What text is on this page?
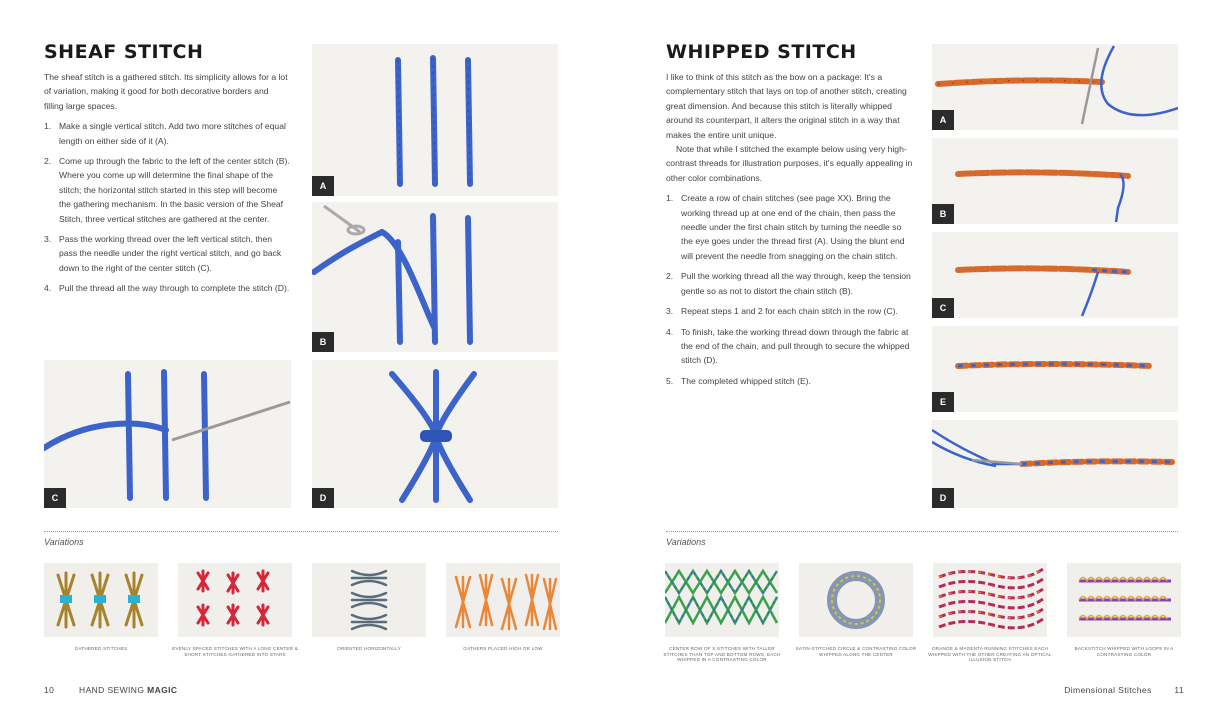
SHEAF STITCH

The sheaf stitch is a gathered stitch. Its simplicity allows for a lot of variation, making it good for both decorative borders and filling large spaces.

1. Make a single vertical stitch. Add two more stitches of equal length on either side of it (A).
2. Come up through the fabric to the left of the center stitch (B). Where you come up will determine the final shape of the stitch; the horizontal stitch started in this step will become the gathering mechanism. In the basic version of the Sheaf Stitch, three vertical stitches are gathered at the center.
3. Pass the working thread over the left vertical stitch, then pass the needle under the right vertical stitch, and go back down to the right of the center stitch (C).
4. Pull the thread all the way through to complete the stitch (D).
A
B
C	D
Variations
GATHERED STITCHES	EVENLY SPACED STITCHES WITH A LONG CENTER & SHORT STITCHES GATHERED INTO STARS
ORIENTED HORIZONTALLY	GATHERS PLACED HIGH OR LOW
10	HAND SEWING MAGIC
WHIPPED STITCH

I like to think of this stitch as the bow on a package: It's a complementary stitch that lays on top of another stitch, creating great dimension. And because this stitch is literally whipped around its counterpart, it alters the original stitch in a way that makes the entire unit unique.

Note that while I stitched the example below using very high-contrast threads for illustration purposes, it's equally appealing in other color combinations.

1. Create a row of chain stitches (see page XX). Bring the working thread up at one end of the chain, then pass the needle under the first chain stitch by turning the needle so the eye goes under the thread first (A). Using the blunt end will prevent the needle from snagging on the chain stitch.
2. Pull the working thread all the way through, keep the tension gentle so as not to distort the chain stitch (B).
3. Repeat steps 1 and 2 for each chain stitch in the row (C).
4. To finish, take the working thread down through the fabric at the end of the chain, and pull through to secure the whipped stitch (D).
5. The completed whipped stitch (E).
A
B
C
E
D
Variations
CENTER ROW OF X STITCHES WITH TALLER STITCHES THAN TOP AND BOTTOM ROWS, EACH WHIPPED IN A CONTRASTING COLOR
SATIN-STITCHED CIRCLE & CONTRASTING COLOR WHIPPED ALONG THE CENTER
ORANGE & MAGENTA RUNNING STITCHES EACH WHIPPED WITH THE OTHER CREATING AN OPTICAL ILLUSION STITCH
BACKSTITCH WHIPPED WITH LOOPS IN A CONTRASTING COLOR
Dimensional Stitches	11
